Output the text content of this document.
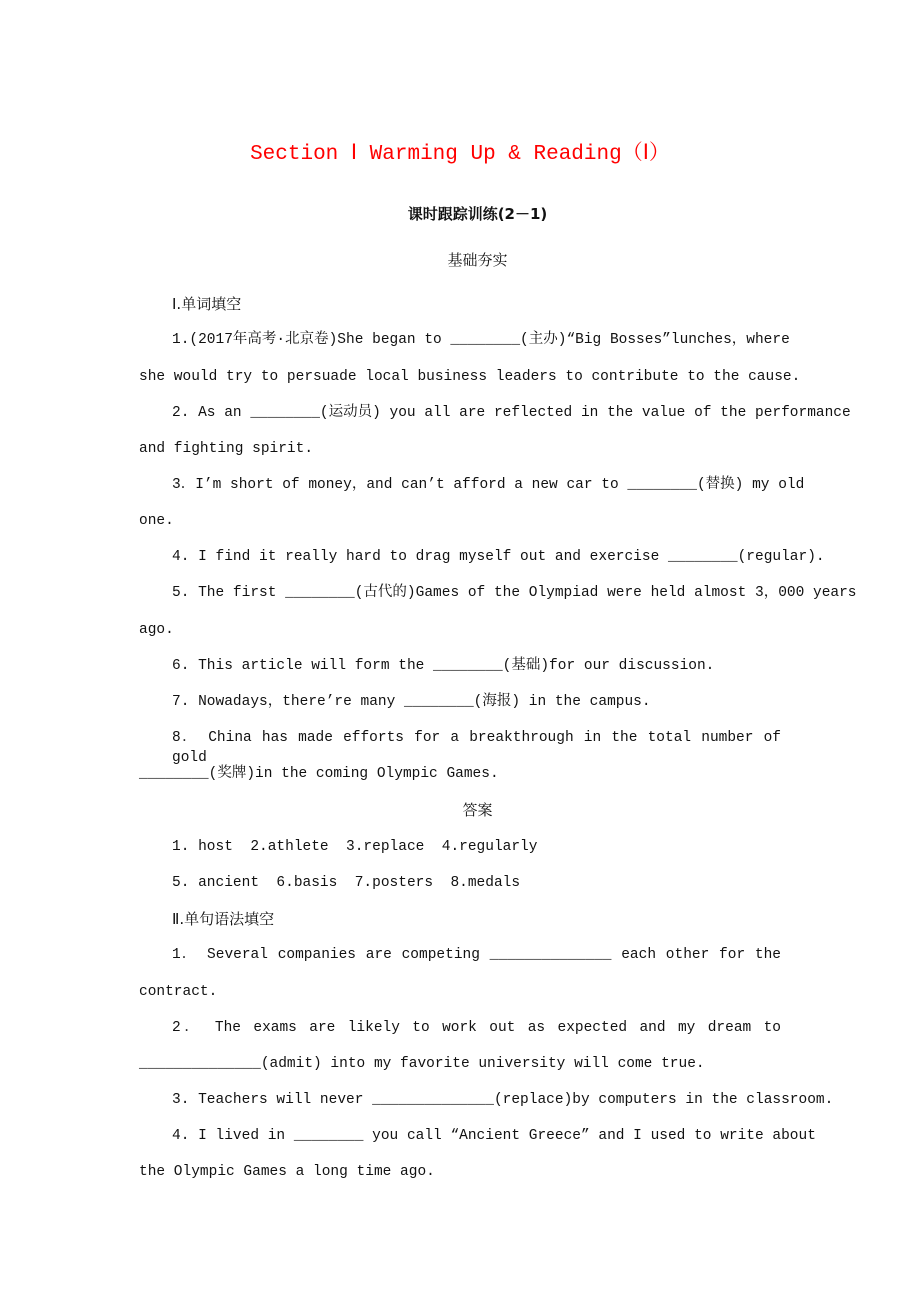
Section Ⅰ Warming Up & Reading（Ⅰ）
课时跟踪训练(2－1)
基础夯实
Ⅰ.单词填空
1.(2017年高考·北京卷)She began to ________(主办)“Big Bosses”lunches，where
she would try to persuade local business leaders to contribute to the cause.
2. As an ________(运动员) you all are reflected in the value of the performance
and fighting spirit.
3．I’m short of money，and can’t afford a new car to ________(替换) my old
one.
4. I find it really hard to drag myself out and exercise ________(regular).
5. The first ________(古代的)Games of the Olympiad were held almost 3，000 years
ago.
6. This article will form the ________(基础)for our discussion.
7. Nowadays，there’re many ________(海报) in the campus.
8． China has made efforts for a breakthrough in the total number of gold
________(奖牌)in the coming Olympic Games.
答案
1. host  2.athlete  3.replace  4.regularly
5. ancient  6.basis  7.posters  8.medals
Ⅱ.单句语法填空
1． Several companies are competing ______________ each other for the
contract.
2． The exams are likely to work out as expected and my dream to
______________(admit) into my favorite university will come true.
3. Teachers will never ______________(replace)by computers in the classroom.
4. I lived in ________ you call “Ancient Greece” and I used to write about
the Olympic Games a long time ago.
